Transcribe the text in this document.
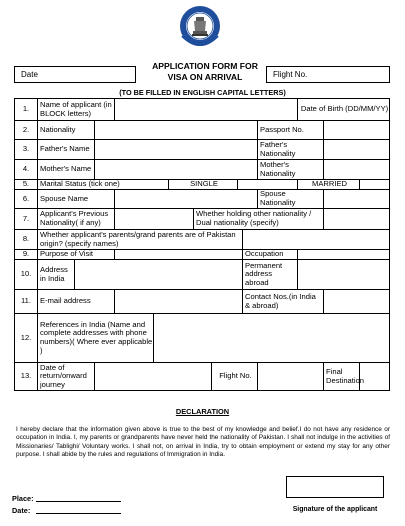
APPLICATION FORM FOR
VISA ON ARRIVAL
Date	Flight No.
(TO BE FILLED IN ENGLISH CAPITAL LETTERS)
1.	Name of applicant (in BLOCK letters)											Date of Birth (DD/MM/YY)		
2.	Nationality										Passport No.			
3.	Father's Name										Father's Nationality			
4.	Mother's Name										Mother's Nationality			
5.	Marital Status (tick one)					SINGLE						MARRIED		
6.	Spouse Name										Spouse Nationality			
7.	Applicant's Previous Nationality( if any)						Whether holding other nationality / Dual nationality (specify)							
8.	Whether applicant's parents/grand parents are of Pakistan origin? (specify names)													
9.	Purpose of Visit									Occupation				
10.	Address in India									Permanent address abroad				
11.	E-mail address									Contact Nos.(in India & abroad)				
12.	References in India (Name and complete addresses with phone numbers)( Where ever applicable )													
13.	Date of return/onward journey							Flight No.					Final Destination	
DECLARATION
I hereby declare that the information given above is true to the best of my knowledge and belief.I do not have any residence or occupation in India. I, my parents or grandparents have never held the nationality of Pakistan. I shall not indulge in the activities of Missionaries/ Tablighi/ Voluntary works. I shall not, on arrival in India, try to obtain employment or extend my stay for any other purpose. I shall abide by the rules and regulations of Immigration in India.
Signature of the applicant
Place:
Date:
